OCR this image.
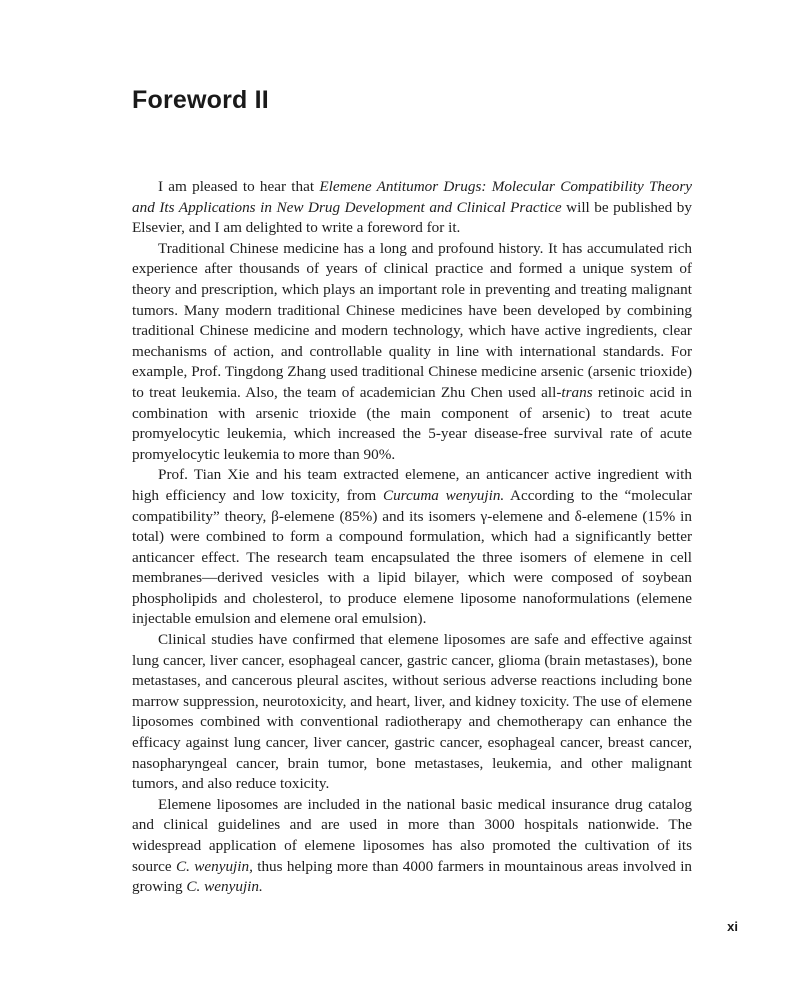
Foreword II

I am pleased to hear that Elemene Antitumor Drugs: Molecular Compatibility Theory and Its Applications in New Drug Development and Clinical Practice will be published by Elsevier, and I am delighted to write a foreword for it.

Traditional Chinese medicine has a long and profound history. It has accumulated rich experience after thousands of years of clinical practice and formed a unique system of theory and prescription, which plays an important role in preventing and treating malignant tumors. Many modern traditional Chinese medicines have been developed by combining traditional Chinese medicine and modern technology, which have active ingredients, clear mechanisms of action, and controllable quality in line with international standards. For example, Prof. Tingdong Zhang used traditional Chinese medicine arsenic (arsenic trioxide) to treat leukemia. Also, the team of academician Zhu Chen used all-trans retinoic acid in combination with arsenic trioxide (the main component of arsenic) to treat acute promyelocytic leukemia, which increased the 5-year disease-free survival rate of acute promyelocytic leukemia to more than 90%.

Prof. Tian Xie and his team extracted elemene, an anticancer active ingredient with high efficiency and low toxicity, from Curcuma wenyujin. According to the “molecular compatibility” theory, β-elemene (85%) and its isomers γ-elemene and δ-elemene (15% in total) were combined to form a compound formulation, which had a significantly better anticancer effect. The research team encapsulated the three isomers of elemene in cell membranes—derived vesicles with a lipid bilayer, which were composed of soybean phospholipids and cholesterol, to produce elemene liposome nanoformulations (elemene injectable emulsion and elemene oral emulsion).

Clinical studies have confirmed that elemene liposomes are safe and effective against lung cancer, liver cancer, esophageal cancer, gastric cancer, glioma (brain metastases), bone metastases, and cancerous pleural ascites, without serious adverse reactions including bone marrow suppression, neurotoxicity, and heart, liver, and kidney toxicity. The use of elemene liposomes combined with conventional radiotherapy and chemotherapy can enhance the efficacy against lung cancer, liver cancer, gastric cancer, esophageal cancer, breast cancer, nasopharyngeal cancer, brain tumor, bone metastases, leukemia, and other malignant tumors, and also reduce toxicity.

Elemene liposomes are included in the national basic medical insurance drug catalog and clinical guidelines and are used in more than 3000 hospitals nationwide. The widespread application of elemene liposomes has also promoted the cultivation of its source C. wenyujin, thus helping more than 4000 farmers in mountainous areas involved in growing C. wenyujin.

xi
